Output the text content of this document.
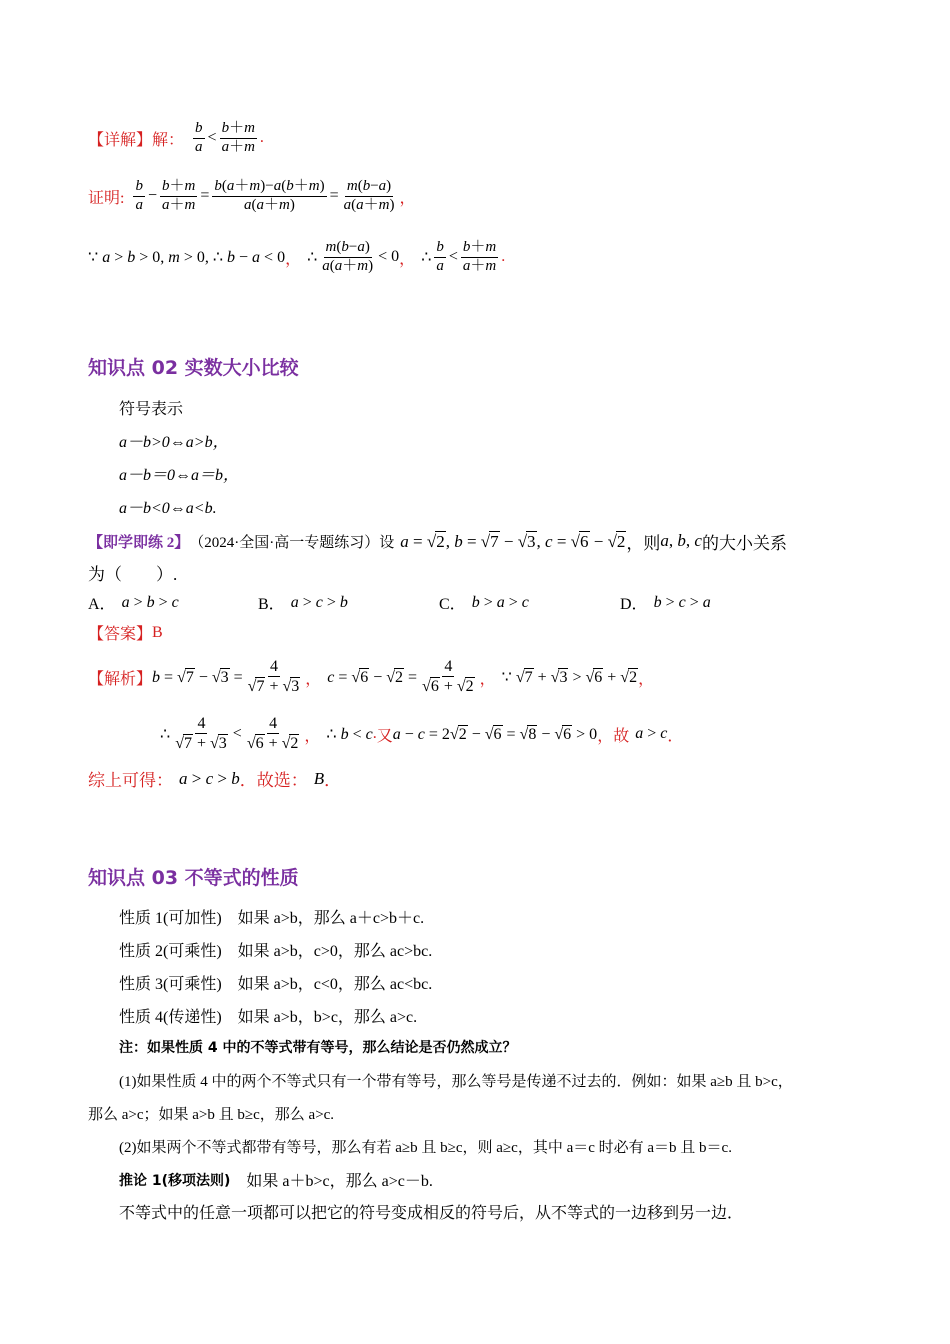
【详解】 解： $\frac{b}{a} < \frac{b+m}{a+m}$ .
证明: $\frac{b}{a} - \frac{b+m}{a+m} = \frac{b(a+m)-a(b+m)}{a(a+m)} = \frac{m(b-a)}{a(a+m)}$ ，
∵ a > b > 0, m > 0, ∴ b − a < 0 ， ∴ $\frac{m(b-a)}{a(a+m)} < 0$ ， ∴ $\frac{b}{a} < \frac{b+m}{a+m}$ .
知识点 02 实数大小比较
符号表示
a－b>0⇔a>b，
a－b＝0⇔a＝b，
a－b<0⇔a<b.
【即学即练 2】 （2024·全国·高一专题练习）设 a = √2, b = √7 − √3, c = √6 − √2 ，则 a, b, c 的大小关系
为（　　）.
A． a > b > c	B． a > c > b	C． b > a > c	D． b > c > a
【答案】 B
【解析】 $b = √7 - √3 = \frac{4}{√7 + √3}$ ， $c = √6 - √2 = \frac{4}{√6 + √2}$ ， ∵ √7 + √3 > √6 + √2 ，
∴ $\frac{4}{√7 + √3} < \frac{4}{√6 + √2}$ ， ∴ b < c . 又 a − c = 2√2 − √6 = √8 − √6 > 0 ，故 a > c ．
综上可得： a > c > b ．故选： B ．
知识点 03 不等式的性质
性质 1(可加性) 如果 a>b，那么 a＋c>b＋c.
性质 2(可乘性) 如果 a>b，c>0，那么 ac>bc.
性质 3(可乘性) 如果 a>b，c<0，那么 ac<bc.
性质 4(传递性) 如果 a>b，b>c，那么 a>c.
注：如果性质 4 中的不等式带有等号，那么结论是否仍然成立？
(1)如果性质 4 中的两个不等式只有一个带有等号，那么等号是传递不过去的．例如：如果 a≥b 且 b>c，
那么 a>c；如果 a>b 且 b≥c，那么 a>c.
(2)如果两个不等式都带有等号，那么有若 a≥b 且 b≥c，则 a≥c，其中 a＝c 时必有 a＝b 且 b＝c.
推论 1(移项法则) 如果 a＋b>c，那么 a>c－b.
不等式中的任意一项都可以把它的符号变成相反的符号后，从不等式的一边移到另一边．
